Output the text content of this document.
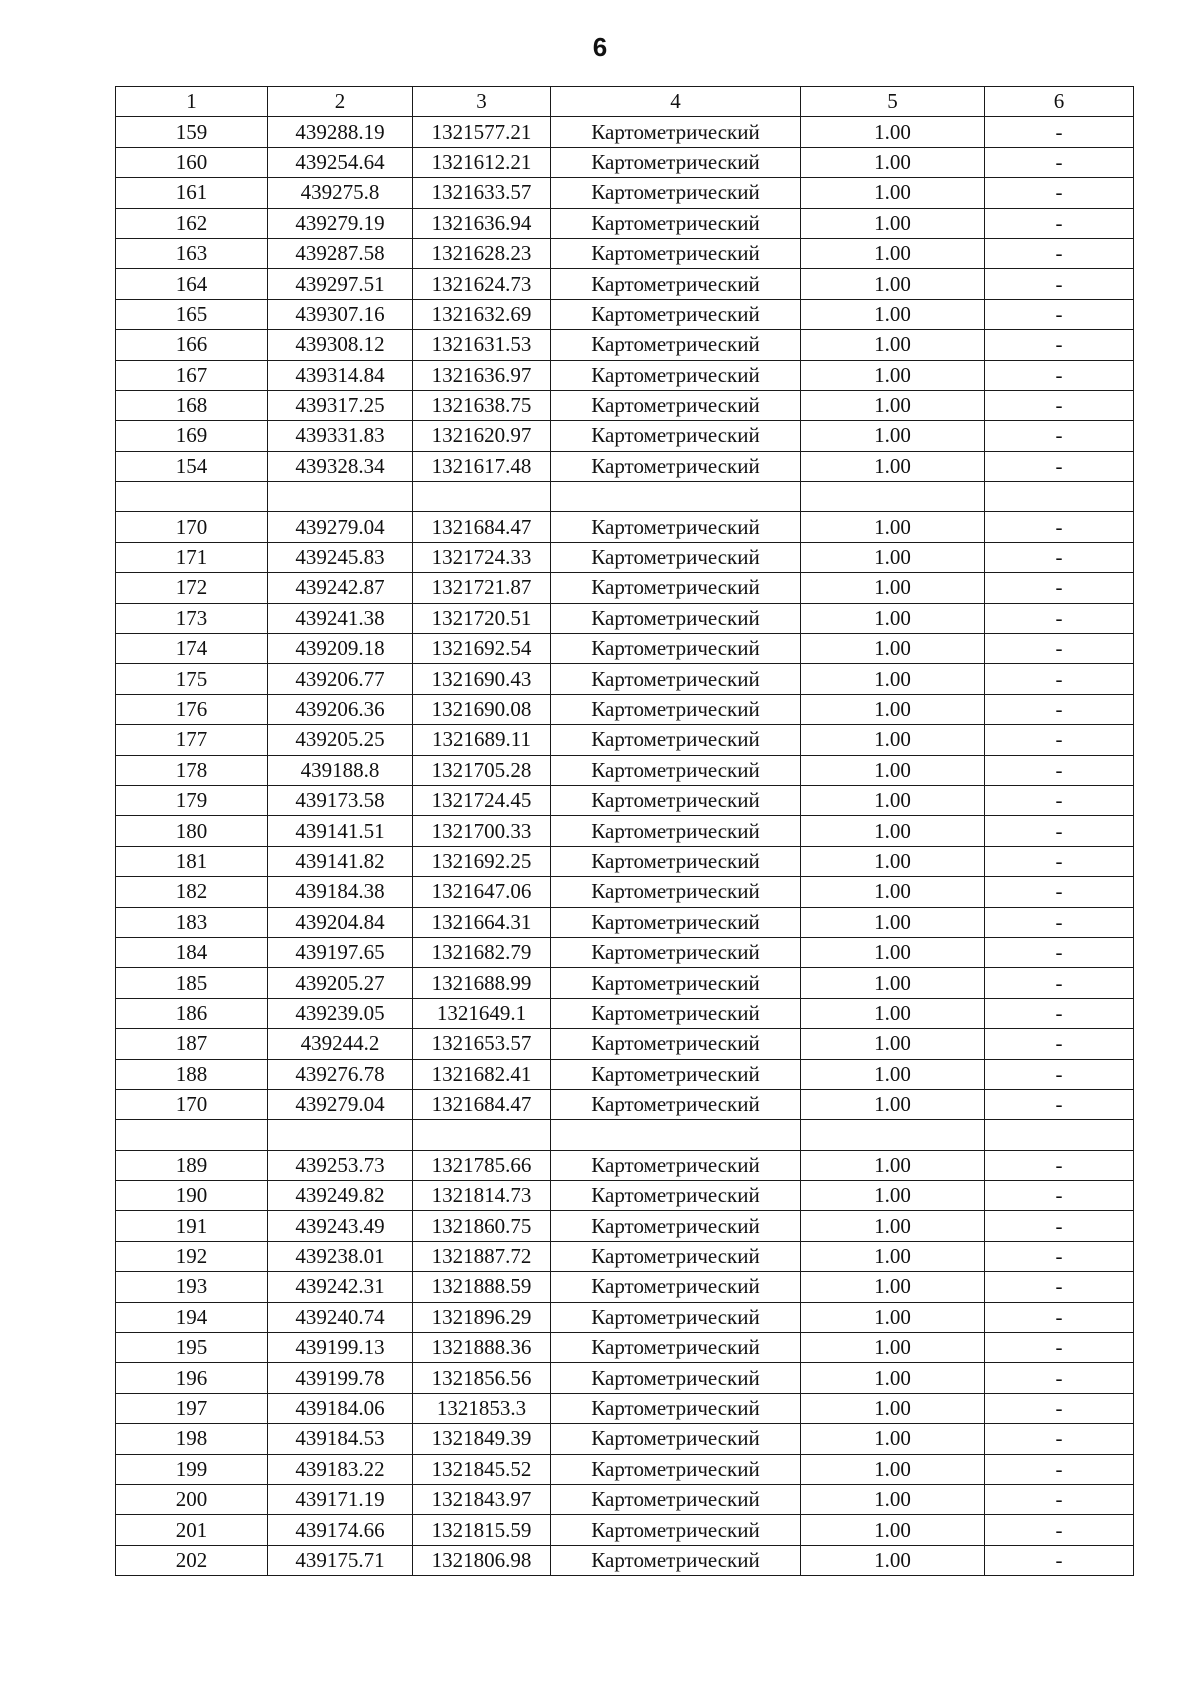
6
1	2	3	4	5	6
159	439288.19	1321577.21	Картометрический	1.00	-
160	439254.64	1321612.21	Картометрический	1.00	-
161	439275.8	1321633.57	Картометрический	1.00	-
162	439279.19	1321636.94	Картометрический	1.00	-
163	439287.58	1321628.23	Картометрический	1.00	-
164	439297.51	1321624.73	Картометрический	1.00	-
165	439307.16	1321632.69	Картометрический	1.00	-
166	439308.12	1321631.53	Картометрический	1.00	-
167	439314.84	1321636.97	Картометрический	1.00	-
168	439317.25	1321638.75	Картометрический	1.00	-
169	439331.83	1321620.97	Картометрический	1.00	-
154	439328.34	1321617.48	Картометрический	1.00	-

170	439279.04	1321684.47	Картометрический	1.00	-
171	439245.83	1321724.33	Картометрический	1.00	-
172	439242.87	1321721.87	Картометрический	1.00	-
173	439241.38	1321720.51	Картометрический	1.00	-
174	439209.18	1321692.54	Картометрический	1.00	-
175	439206.77	1321690.43	Картометрический	1.00	-
176	439206.36	1321690.08	Картометрический	1.00	-
177	439205.25	1321689.11	Картометрический	1.00	-
178	439188.8	1321705.28	Картометрический	1.00	-
179	439173.58	1321724.45	Картометрический	1.00	-
180	439141.51	1321700.33	Картометрический	1.00	-
181	439141.82	1321692.25	Картометрический	1.00	-
182	439184.38	1321647.06	Картометрический	1.00	-
183	439204.84	1321664.31	Картометрический	1.00	-
184	439197.65	1321682.79	Картометрический	1.00	-
185	439205.27	1321688.99	Картометрический	1.00	-
186	439239.05	1321649.1	Картометрический	1.00	-
187	439244.2	1321653.57	Картометрический	1.00	-
188	439276.78	1321682.41	Картометрический	1.00	-
170	439279.04	1321684.47	Картометрический	1.00	-

189	439253.73	1321785.66	Картометрический	1.00	-
190	439249.82	1321814.73	Картометрический	1.00	-
191	439243.49	1321860.75	Картометрический	1.00	-
192	439238.01	1321887.72	Картометрический	1.00	-
193	439242.31	1321888.59	Картометрический	1.00	-
194	439240.74	1321896.29	Картометрический	1.00	-
195	439199.13	1321888.36	Картометрический	1.00	-
196	439199.78	1321856.56	Картометрический	1.00	-
197	439184.06	1321853.3	Картометрический	1.00	-
198	439184.53	1321849.39	Картометрический	1.00	-
199	439183.22	1321845.52	Картометрический	1.00	-
200	439171.19	1321843.97	Картометрический	1.00	-
201	439174.66	1321815.59	Картометрический	1.00	-
202	439175.71	1321806.98	Картометрический	1.00	-
